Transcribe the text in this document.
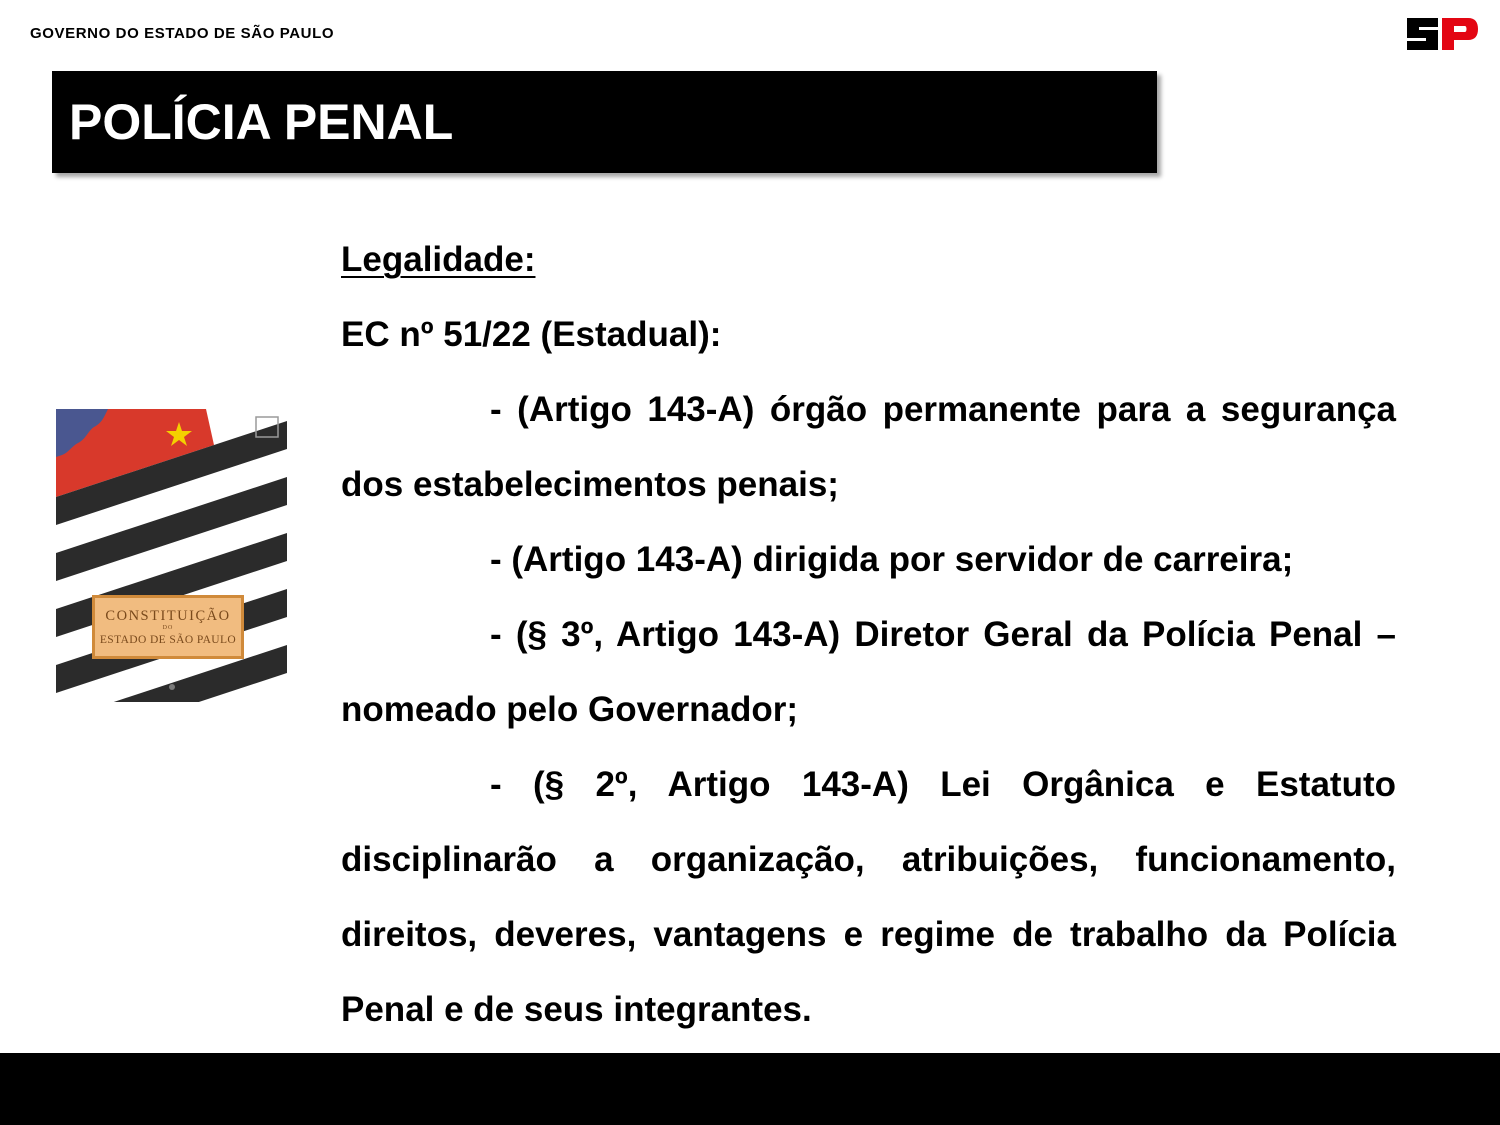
GOVERNO DO ESTADO DE SÃO PAULO
POLÍCIA PENAL
CONSTITUIÇÃO
DO
ESTADO DE SÃO PAULO

Legalidade:

EC nº 51/22 (Estadual):

- (Artigo 143-A) órgão permanente para a segurança dos estabelecimentos penais;

- (Artigo 143-A) dirigida por servidor de carreira;

- (§ 3º, Artigo 143-A) Diretor Geral da Polícia Penal – nomeado pelo Governador;

- (§ 2º, Artigo 143-A) Lei Orgânica e Estatuto disciplinarão a organização, atribuições, funcionamento, direitos, deveres, vantagens e regime de trabalho da Polícia Penal e de seus integrantes.
